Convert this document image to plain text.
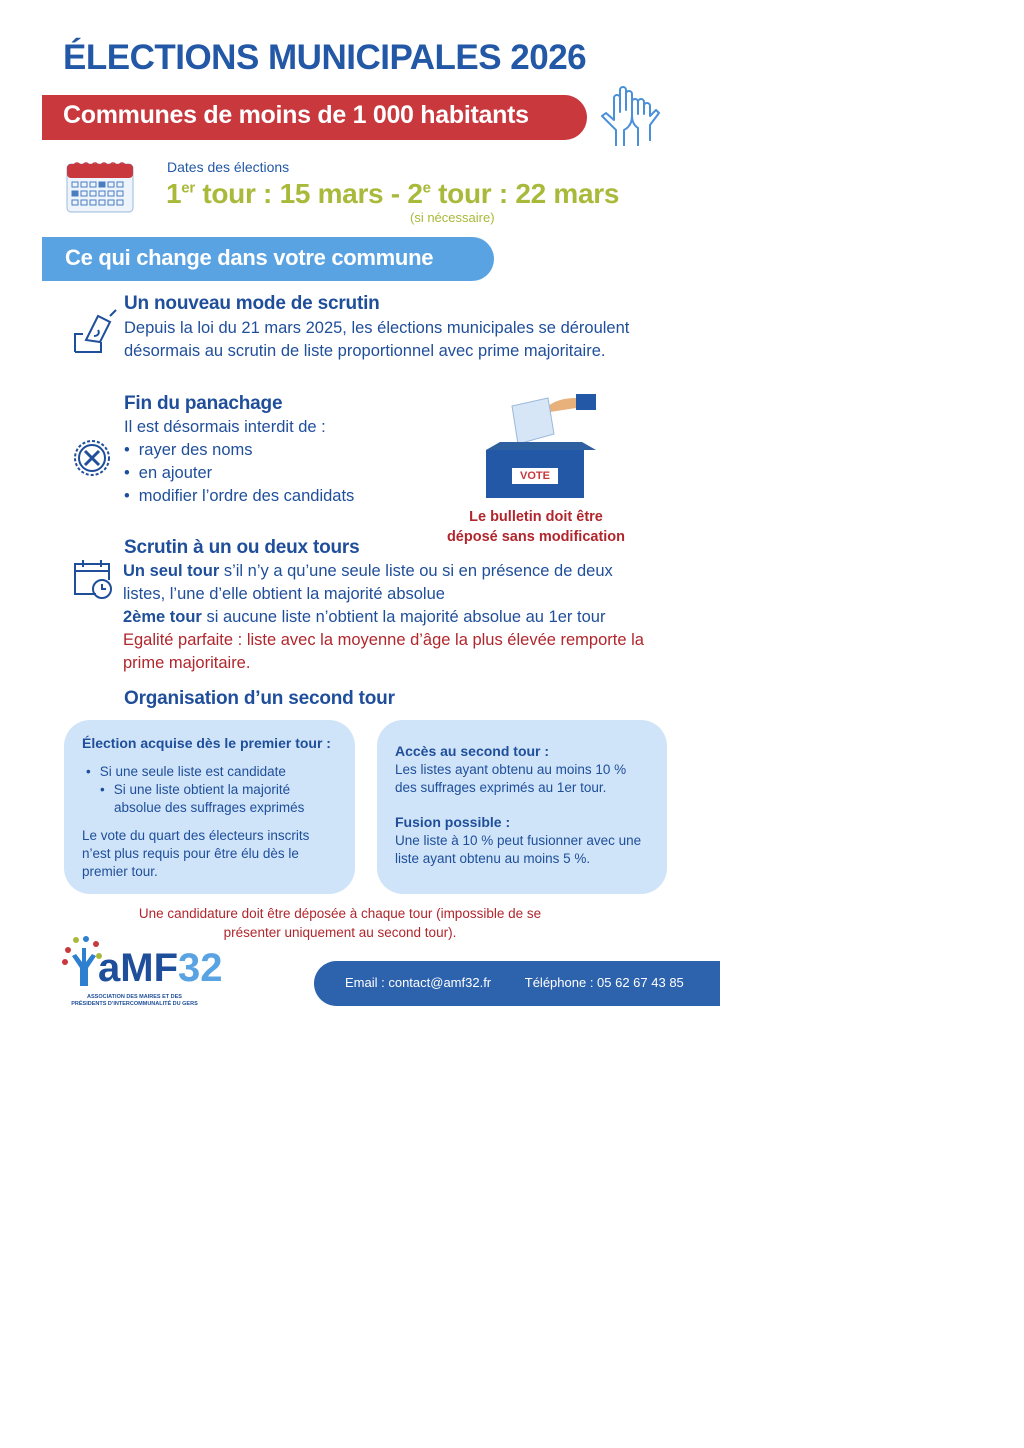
ÉLECTIONS MUNICIPALES 2026
Communes de moins de 1 000 habitants
Dates des élections
1er tour : 15 mars - 2e tour : 22 mars
(si nécessaire)
Ce qui change dans votre commune
Un nouveau mode de scrutin
Depuis la loi du 21 mars 2025, les élections municipales se déroulent
désormais au scrutin de liste proportionnel avec prime majoritaire.
Fin du panachage
Il est désormais interdit de :
• rayer des noms
• en ajouter
• modifier l’ordre des candidats
VOTE
Le bulletin doit être
déposé sans modification
Scrutin à un ou deux tours
Un seul tour s’il n’y a qu’une seule liste ou si en présence de deux
listes, l’une d’elle obtient la majorité absolue
2ème tour si aucune liste n’obtient la majorité absolue au 1er tour
Egalité parfaite : liste avec la moyenne d’âge la plus élevée remporte la
prime majoritaire.
Organisation d’un second tour
Élection acquise dès le premier tour :
• Si une seule liste est candidate
• Si une liste obtient la majorité absolue des suffrages exprimés
Le vote du quart des électeurs inscrits n’est plus requis pour être élu dès le premier tour.
Accès au second tour :
Les listes ayant obtenu au moins 10 % des suffrages exprimés au 1er tour.
Fusion possible :
Une liste à 10 % peut fusionner avec une liste ayant obtenu au moins 5 %.
Une candidature doit être déposée à chaque tour (impossible de se
présenter uniquement au second tour).
aMF32
ASSOCIATION DES MAIRES ET DES
PRÉSIDENTS D’INTERCOMMUNALITÉ DU GERS
Email : contact@amf32.fr	Téléphone : 05 62 67 43 85
